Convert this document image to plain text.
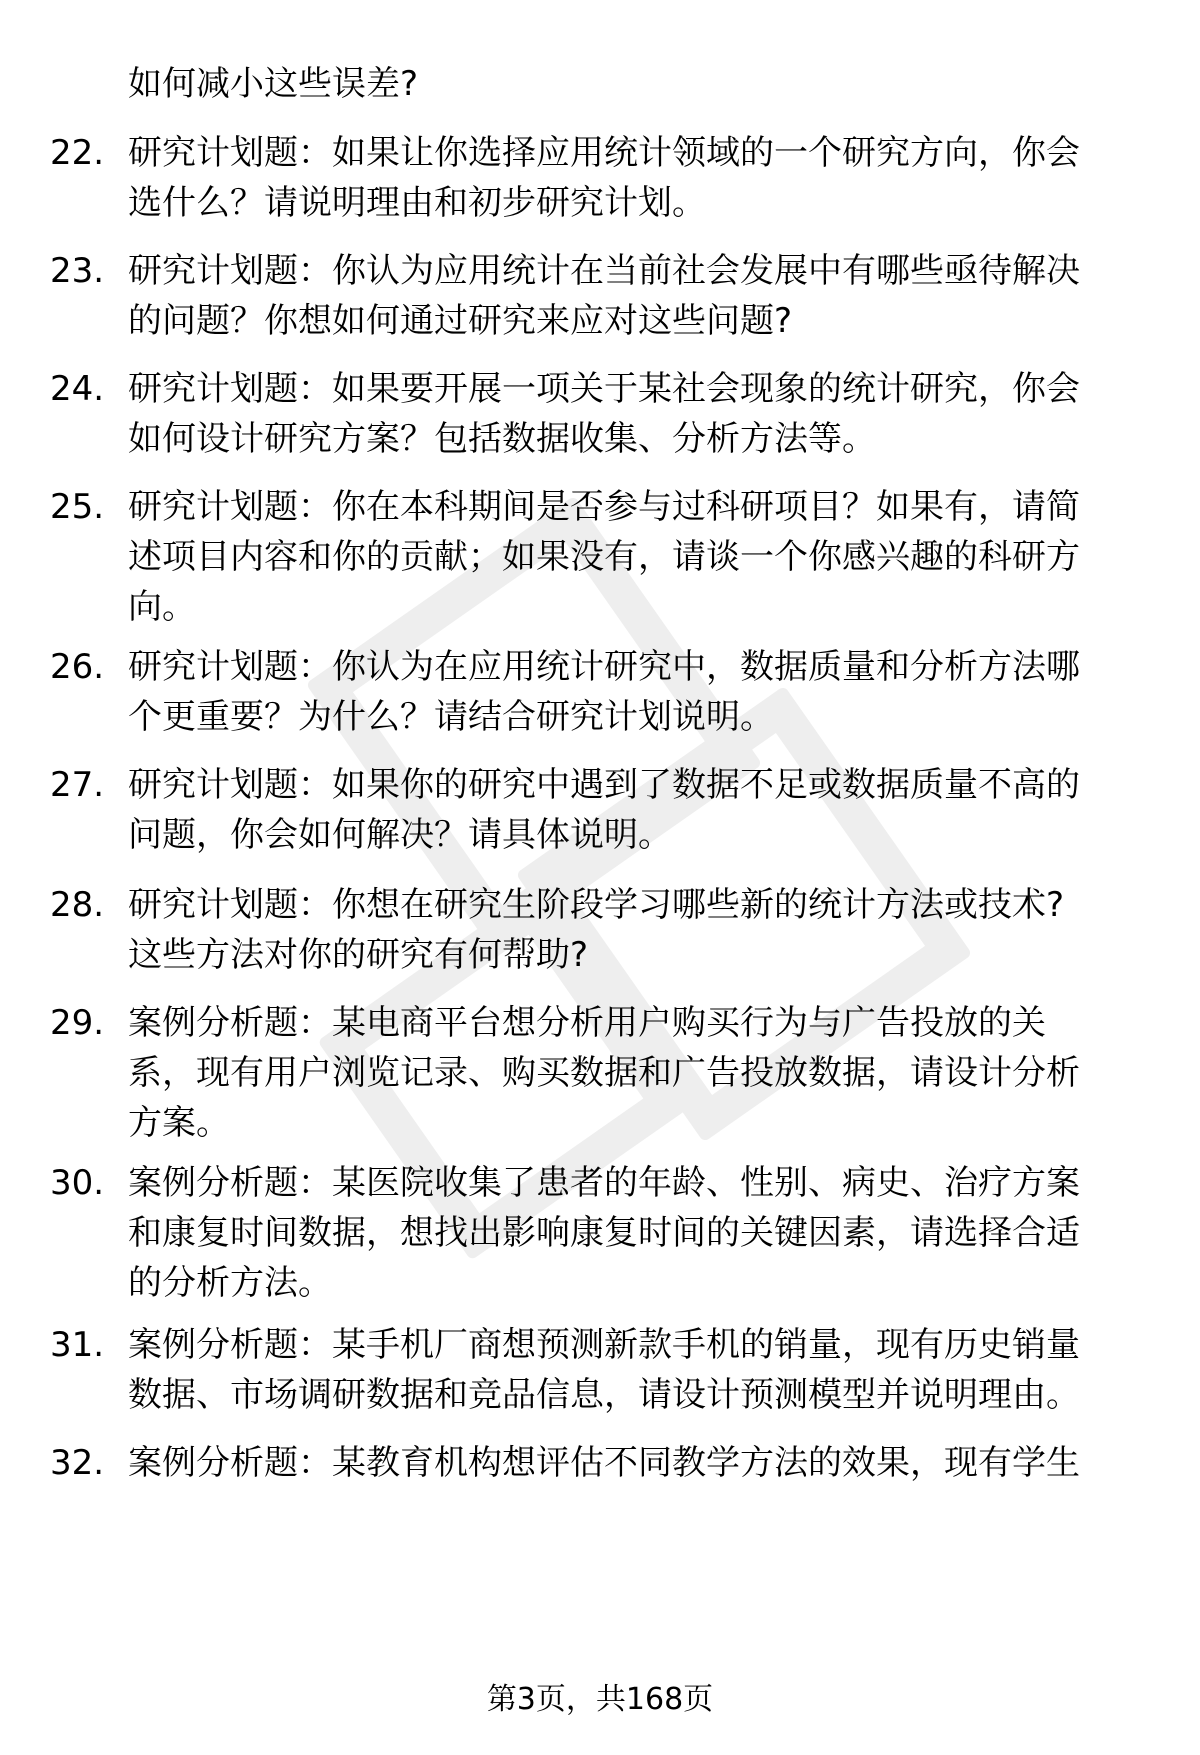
如何减小这些误差?
22. 研究计划题：如果让你选择应用统计领域的一个研究方向，你会
选什么？请说明理由和初步研究计划。
23. 研究计划题：你认为应用统计在当前社会发展中有哪些亟待解决
的问题？你想如何通过研究来应对这些问题?
24. 研究计划题：如果要开展一项关于某社会现象的统计研究，你会
如何设计研究方案？包括数据收集、分析方法等。
25. 研究计划题：你在本科期间是否参与过科研项目？如果有，请简
述项目内容和你的贡献；如果没有，请谈一个你感兴趣的科研方
向。
26. 研究计划题：你认为在应用统计研究中，数据质量和分析方法哪
个更重要？为什么？请结合研究计划说明。
27. 研究计划题：如果你的研究中遇到了数据不足或数据质量不高的
问题，你会如何解决？请具体说明。
28. 研究计划题：你想在研究生阶段学习哪些新的统计方法或技术?
这些方法对你的研究有何帮助?
29. 案例分析题：某电商平台想分析用户购买行为与广告投放的关
系，现有用户浏览记录、购买数据和广告投放数据，请设计分析
方案。
30. 案例分析题：某医院收集了患者的年龄、性别、病史、治疗方案
和康复时间数据，想找出影响康复时间的关键因素，请选择合适
的分析方法。
31. 案例分析题：某手机厂商想预测新款手机的销量，现有历史销量
数据、市场调研数据和竞品信息，请设计预测模型并说明理由。
32. 案例分析题：某教育机构想评估不同教学方法的效果，现有学生
第3页，共168页
